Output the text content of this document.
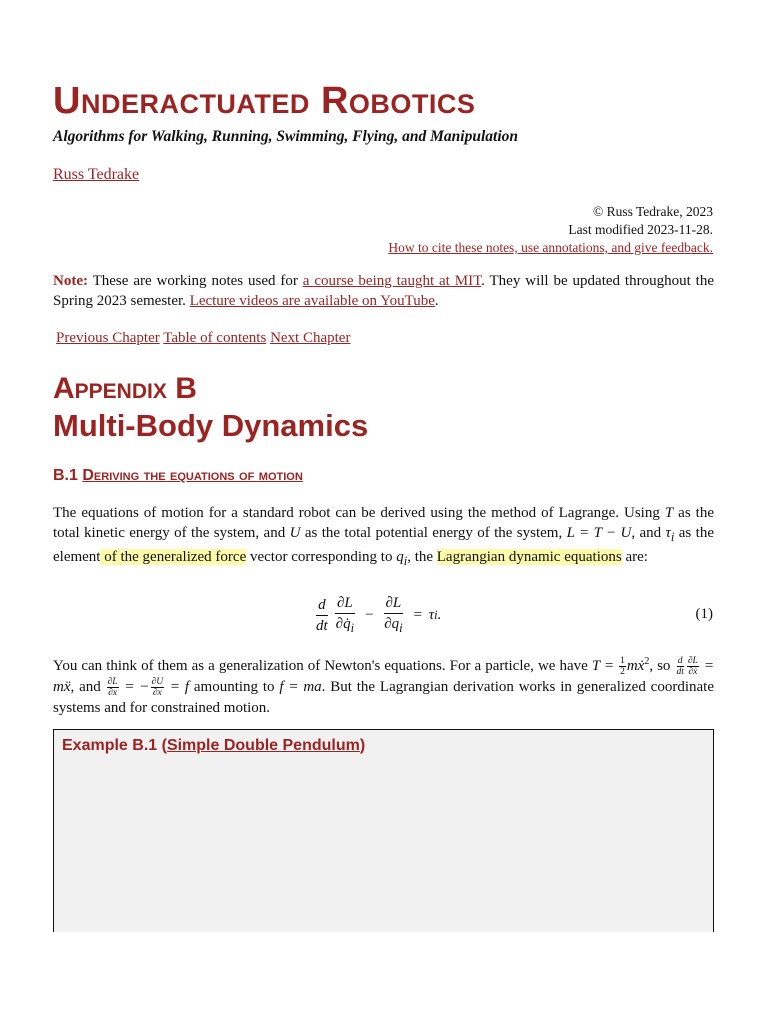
Underactuated Robotics
Algorithms for Walking, Running, Swimming, Flying, and Manipulation
Russ Tedrake
© Russ Tedrake, 2023
Last modified 2023-11-28.
How to cite these notes, use annotations, and give feedback.
Note: These are working notes used for a course being taught at MIT. They will be updated throughout the Spring 2023 semester. Lecture videos are available on YouTube.
Previous Chapter Table of contents Next Chapter
Appendix B
Multi-Body Dynamics
B.1 Deriving the equations of motion
The equations of motion for a standard robot can be derived using the method of Lagrange. Using T as the total kinetic energy of the system, and U as the total potential energy of the system, L = T − U, and $\tau_i$ as the element of the generalized force vector corresponding to $q_i$, the Lagrangian dynamic equations are:
$\frac{d}{dt} \frac{\partial L}{\partial q̇_i} - \frac{\partial L}{\partial q_i} = \tau$ i .	(1)
You can think of them as a generalization of Newton's equations. For a particle, we have $T = \frac{1}{2}$ mẋ$^2$, so $\frac{d}{dt} \frac{\partial L}{\text{∂ẋ}}$ = mẍ, and $\frac{\partial L}{\partial x}$ = − $\frac{\partial U}{\partial x} = f$ amounting to f = ma. But the Lagrangian derivation works in generalized coordinate systems and for constrained motion.
Example B.1 (Simple Double Pendulum)
